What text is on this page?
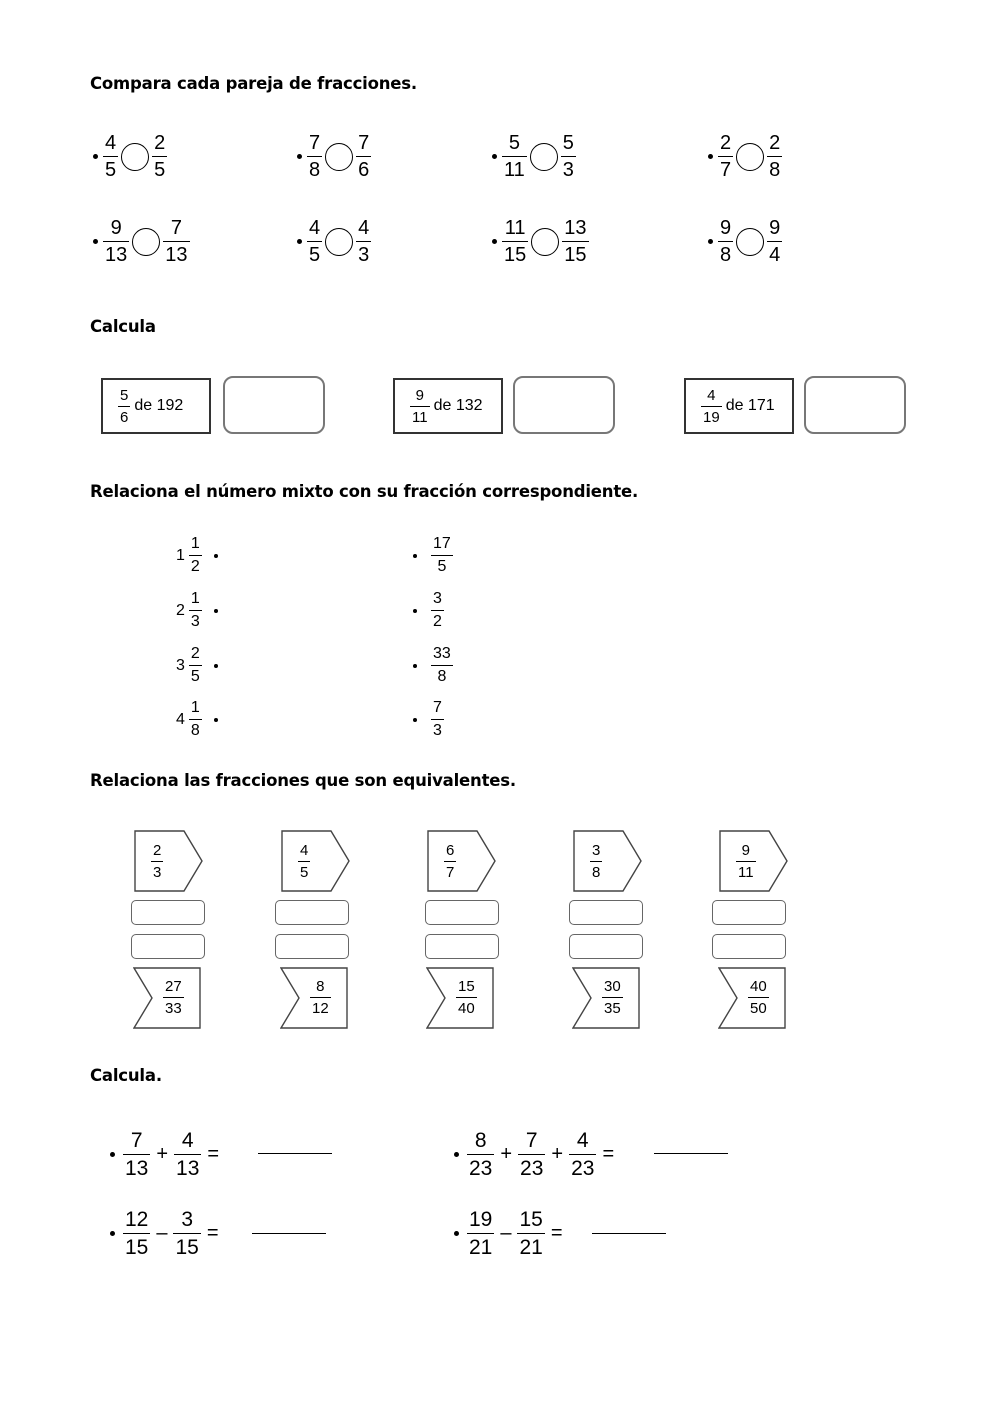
Compara cada pareja de fracciones.
Calcula
Relaciona el número mixto con su fracción correspondiente.
Relaciona las fracciones que son equivalentes.
Calcula.
$\frac{4}{5} \frac{2}{5}$	$\frac{7}{8} \frac{7}{6}$	$\frac{5}{11} \frac{5}{3}$	$\frac{2}{7} \frac{2}{8}$
$\frac{9}{13} \frac{7}{13}$	$\frac{4}{5} \frac{4}{3}$	$\frac{11}{15} \frac{13}{15}$	$\frac{9}{8} \frac{9}{4}$
$\frac{5}{6}$ de 192	$\frac{9}{11}$ de 132	$\frac{4}{19}$ de 171
$1 \frac{1}{2}$
$2 \frac{1}{3}$
$3 \frac{2}{5}$
$4 \frac{1}{8}$
$\frac{17}{5}$
$\frac{3}{2}$
$\frac{33}{8}$
$\frac{7}{3}$
2
3
27
33
4
5
8
12
6
7
15
40
3
8
30
35
9
11
40
50
$\frac{7}{13} + \frac{4}{13}$ =	$\frac{8}{23} + \frac{7}{23} + \frac{4}{23}$ =
$\frac{12}{15} - \frac{3}{15}$ =	$\frac{19}{21} - \frac{15}{21}$ =
